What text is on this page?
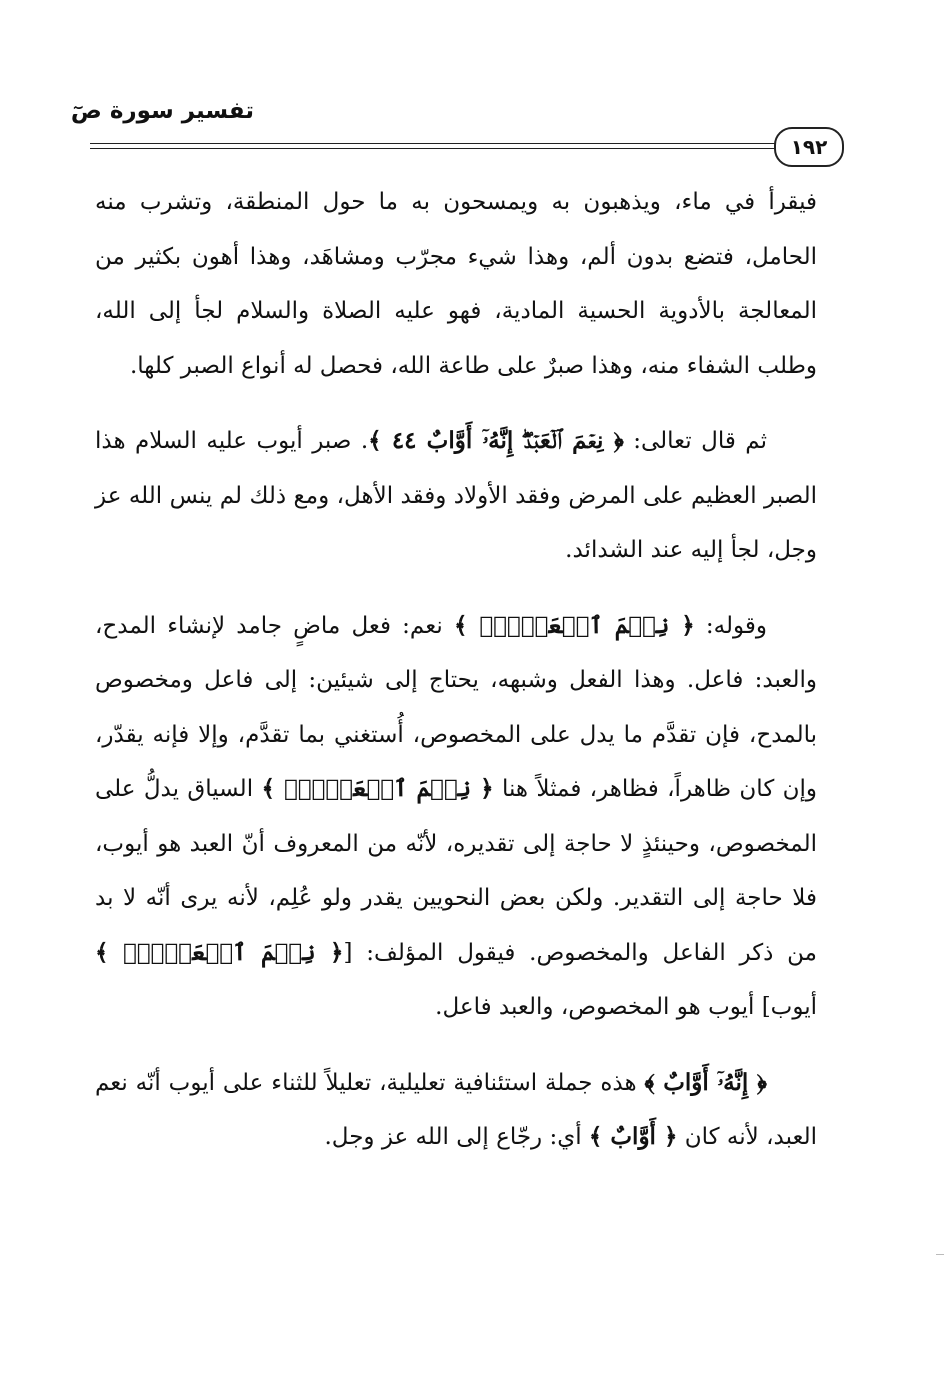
تفسير سورة صٓ
١٩٢

فيقرأ في ماء، ويذهبون به ويمسحون به ما حول المنطقة، وتشرب منه الحامل، فتضع بدون ألم، وهذا شيء مجرّب ومشاهَد، وهذا أهون بكثير من المعالجة بالأدوية الحسية المادية، فهو عليه الصلاة والسلام لجأ إلى الله، وطلب الشفاء منه، وهذا صبرٌ على طاعة الله، فحصل له أنواع الصبر كلها.

ثم قال تعالى: ﴿ نِعۡمَ ٱلۡعَبۡدُۖ إِنَّهُۥٓ أَوَّابٌ ٤٤ ﴾. صبر أيوب عليه السلام هذا الصبر العظيم على المرض وفقد الأولاد وفقد الأهل، ومع ذلك لم ينس الله عز وجل، لجأ إليه عند الشدائد.

وقوله: ﴿ نِعۡمَ ٱلۡعَبۡدُۖ ﴾ نعم: فعل ماضٍ جامد لإنشاء المدح، والعبد: فاعل. وهذا الفعل وشبهه، يحتاج إلى شيئين: إلى فاعل ومخصوص بالمدح، فإن تقدَّم ما يدل على المخصوص، أُستغني بما تقدَّم، وإلا فإنه يقدّر، وإن كان ظاهراً، فظاهر، فمثلاً هنا ﴿ نِعۡمَ ٱلۡعَبۡدُۖ ﴾ السياق يدلُّ على المخصوص، وحينئذٍ لا حاجة إلى تقديره، لأنّه من المعروف أنّ العبد هو أيوب، فلا حاجة إلى التقدير. ولكن بعض النحويين يقدر ولو عُلِم، لأنه يرى أنّه لا بد من ذكر الفاعل والمخصوص. فيقول المؤلف: [﴿ نِعۡمَ ٱلۡعَبۡدُۖ ﴾ أيوب] أيوب هو المخصوص، والعبد فاعل.

﴿ إِنَّهُۥٓ أَوَّابٌ ﴾ هذه جملة استئنافية تعليلية، تعليلاً للثناء على أيوب أنّه نعم العبد، لأنه كان ﴿ أَوَّابٌ ﴾ أي: رجّاع إلى الله عز وجل.
